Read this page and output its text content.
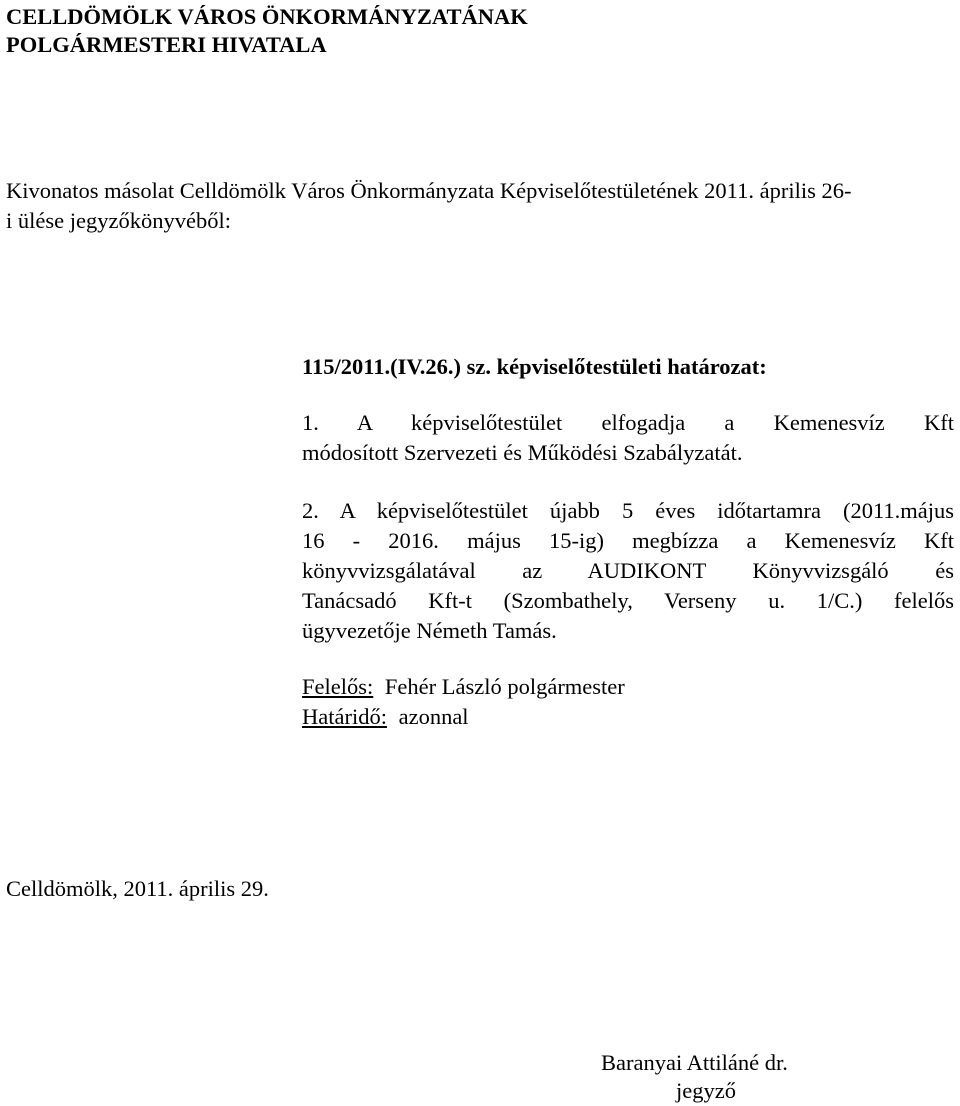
CELLDÖMÖLK VÁROS ÖNKORMÁNYZATÁNAK
POLGÁRMESTERI HIVATALA
Kivonatos másolat Celldömölk Város Önkormányzata Képviselőtestületének 2011. április 26-
i ülése jegyzőkönyvéből:
115/2011.(IV.26.) sz. képviselőtestületi határozat:
1. A képviselőtestület elfogadja a Kemenesvíz Kft
módosított Szervezeti és Működési Szabályzatát.
2. A képviselőtestület újabb 5 éves időtartamra (2011.május
16 - 2016. május 15-ig) megbízza a Kemenesvíz Kft
könyvvizsgálatával az AUDIKONT Könyvvizsgáló és
Tanácsadó Kft-t (Szombathely, Verseny u. 1/C.) felelős
ügyvezetője Németh Tamás.
Felelős: Fehér László polgármester
Határidő: azonnal
Celldömölk, 2011. április 29.
Baranyai Attiláné dr.
jegyző
